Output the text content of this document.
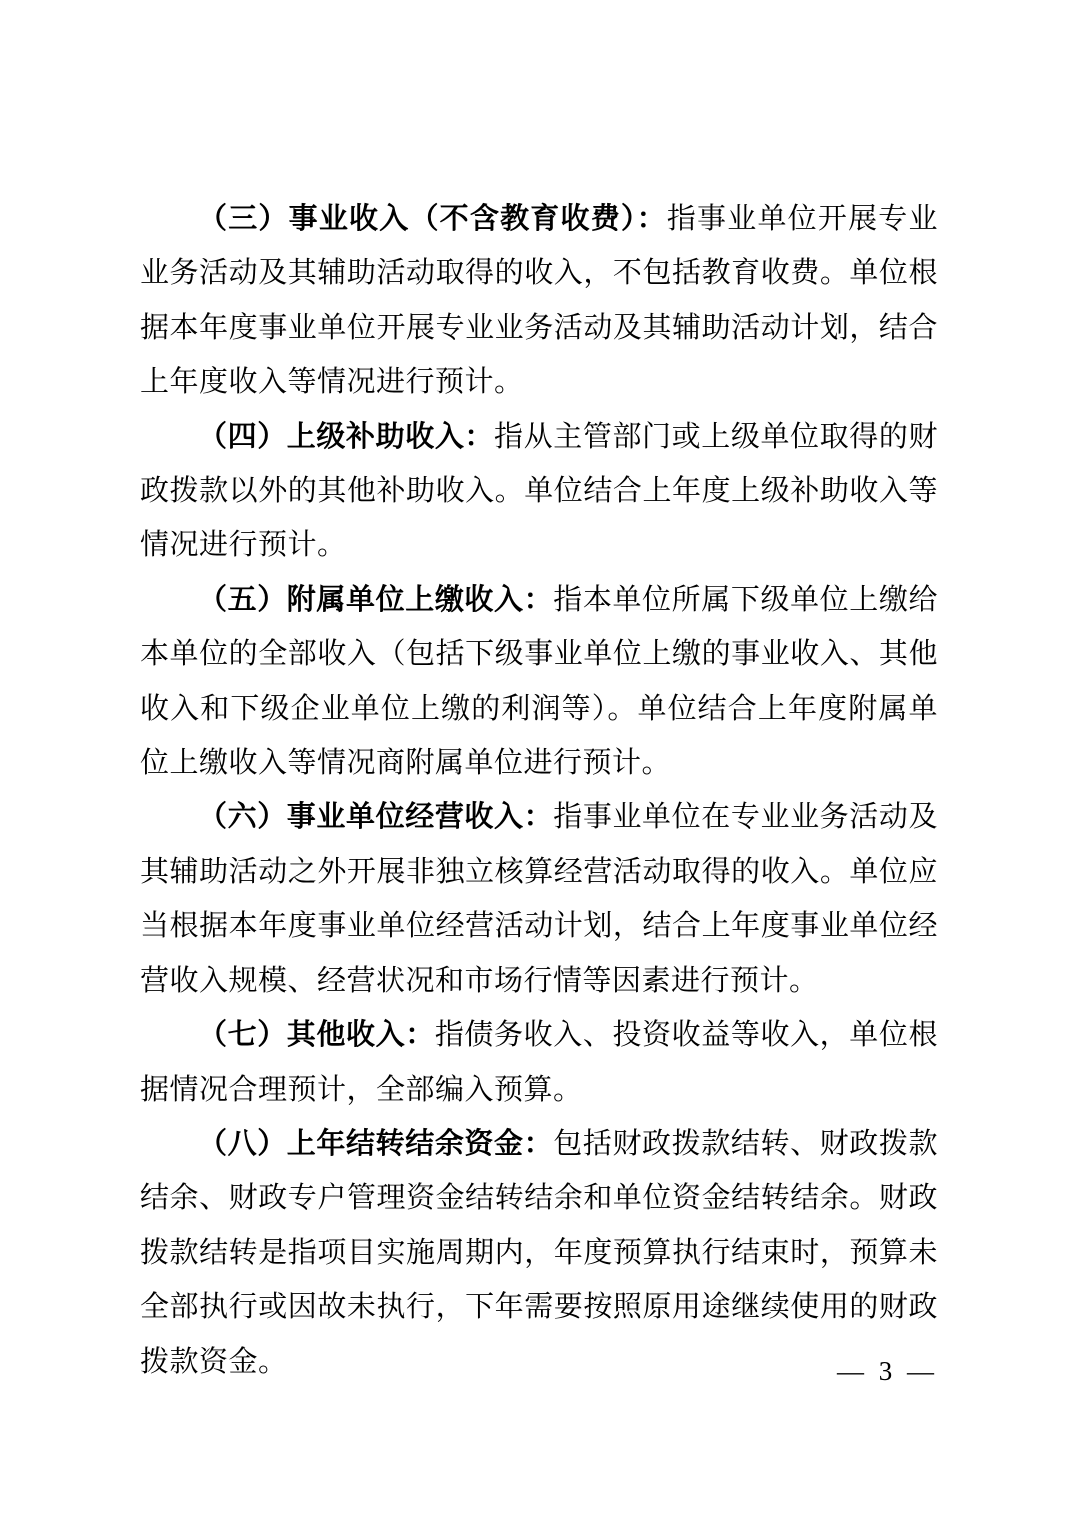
（三）事业收入（不含教育收费）：指事业单位开展专业业务活动及其辅助活动取得的收入，不包括教育收费。单位根据本年度事业单位开展专业业务活动及其辅助活动计划，结合上年度收入等情况进行预计。

（四）上级补助收入：指从主管部门或上级单位取得的财政拨款以外的其他补助收入。单位结合上年度上级补助收入等情况进行预计。

（五）附属单位上缴收入：指本单位所属下级单位上缴给本单位的全部收入（包括下级事业单位上缴的事业收入、其他收入和下级企业单位上缴的利润等）。单位结合上年度附属单位上缴收入等情况商附属单位进行预计。

（六）事业单位经营收入：指事业单位在专业业务活动及其辅助活动之外开展非独立核算经营活动取得的收入。单位应当根据本年度事业单位经营活动计划，结合上年度事业单位经营收入规模、经营状况和市场行情等因素进行预计。

（七）其他收入：指债务收入、投资收益等收入，单位根据情况合理预计，全部编入预算。

（八）上年结转结余资金：包括财政拨款结转、财政拨款结余、财政专户管理资金结转结余和单位资金结转结余。财政拨款结转是指项目实施周期内，年度预算执行结束时，预算未全部执行或因故未执行，下年需要按照原用途继续使用的财政拨款资金。	— 3 —
